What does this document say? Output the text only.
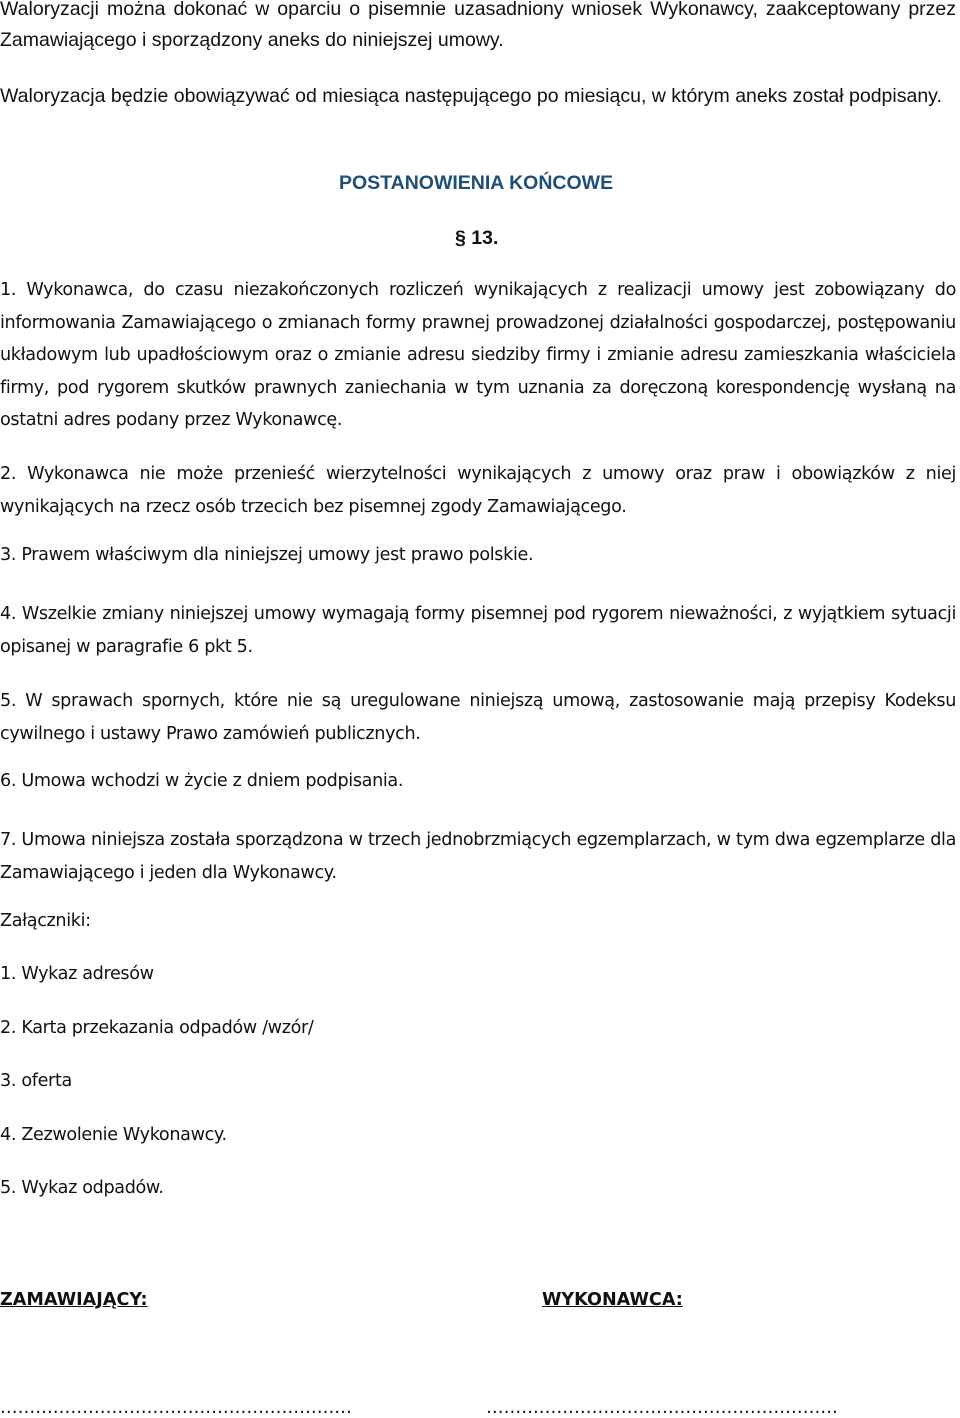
Waloryzacji można dokonać w oparciu o pisemnie uzasadniony wniosek Wykonawcy, zaakceptowany przez Zamawiającego i sporządzony aneks do niniejszej umowy.

Waloryzacja będzie obowiązywać od miesiąca następującego po miesiącu, w którym aneks został podpisany.

POSTANOWIENIA KOŃCOWE

§ 13.

1. Wykonawca, do czasu niezakończonych rozliczeń wynikających z realizacji umowy jest zobowiązany do informowania Zamawiającego o zmianach formy prawnej prowadzonej działalności gospodarczej, postępowaniu układowym lub upadłościowym oraz o zmianie adresu siedziby firmy i zmianie adresu zamieszkania właściciela firmy, pod rygorem skutków prawnych zaniechania w tym uznania za doręczoną korespondencję wysłaną na ostatni adres podany przez Wykonawcę.

2. Wykonawca nie może przenieść wierzytelności wynikających z umowy oraz praw i obowiązków z niej wynikających na rzecz osób trzecich bez pisemnej zgody Zamawiającego.

3. Prawem właściwym dla niniejszej umowy jest prawo polskie.

4. Wszelkie zmiany niniejszej umowy wymagają formy pisemnej pod rygorem nieważności, z wyjątkiem sytuacji opisanej w paragrafie 6 pkt 5.

5. W sprawach spornych, które nie są uregulowane niniejszą umową, zastosowanie mają przepisy Kodeksu cywilnego i ustawy Prawo zamówień publicznych.

6. Umowa wchodzi w życie z dniem podpisania.

7. Umowa niniejsza została sporządzona w trzech jednobrzmiących egzemplarzach, w tym dwa egzemplarze dla Zamawiającego i jeden dla Wykonawcy.

Załączniki:

1. Wykaz adresów

2. Karta przekazania odpadów /wzór/

3. oferta

4. Zezwolenie Wykonawcy.

5. Wykaz odpadów.

ZAMAWIAJĄCY:	WYKONAWCA:
……………………………………………………	……………………………………………………
